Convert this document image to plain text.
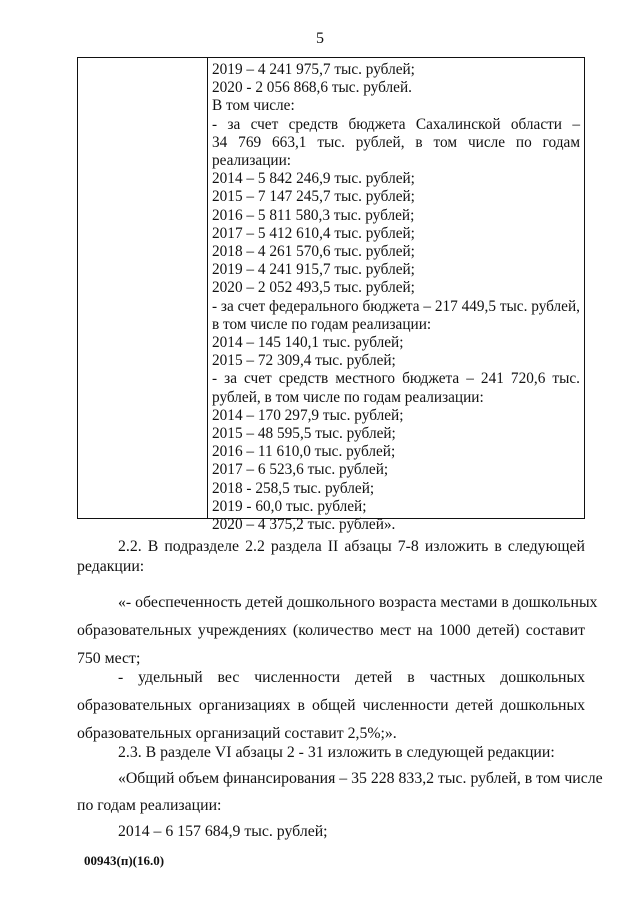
5
2019 – 4 241 975,7 тыс. рублей;
2020 - 2 056 868,6 тыс. рублей.
В том числе:
- за счет средств бюджета Сахалинской области –
34 769 663,1 тыс. рублей, в том числе по годам
реализации:
2014 – 5 842 246,9 тыс. рублей;
2015 – 7 147 245,7 тыс. рублей;
2016 – 5 811 580,3 тыс. рублей;
2017 – 5 412 610,4 тыс. рублей;
2018 – 4 261 570,6 тыс. рублей;
2019 – 4 241 915,7 тыс. рублей;
2020 – 2 052 493,5 тыс. рублей;
- за счет федерального бюджета – 217 449,5 тыс. рублей,
в том числе по годам реализации:
2014 – 145 140,1 тыс. рублей;
2015 – 72 309,4 тыс. рублей;
- за счет средств местного бюджета – 241 720,6 тыс.
рублей, в том числе по годам реализации:
2014 – 170 297,9 тыс. рублей;
2015 – 48 595,5 тыс. рублей;
2016 – 11 610,0 тыс. рублей;
2017 – 6 523,6 тыс. рублей;
2018 - 258,5 тыс. рублей;
2019 - 60,0 тыс. рублей;
2020 – 4 375,2 тыс. рублей».
2.2. В подразделе 2.2 раздела II абзацы 7-8 изложить в следующей
редакции:
«- обеспеченность детей дошкольного возраста местами в дошкольных
образовательных учреждениях (количество мест на 1000 детей) составит
750 мест;
- удельный вес численности детей в частных дошкольных
образовательных организациях в общей численности детей дошкольных
образовательных организаций составит 2,5%;».
2.3. В разделе VI абзацы 2 - 31 изложить в следующей редакции:
«Общий объем финансирования – 35 228 833,2 тыс. рублей, в том числе
по годам реализации:
2014 – 6 157 684,9 тыс. рублей;
00943(п)(16.0)
